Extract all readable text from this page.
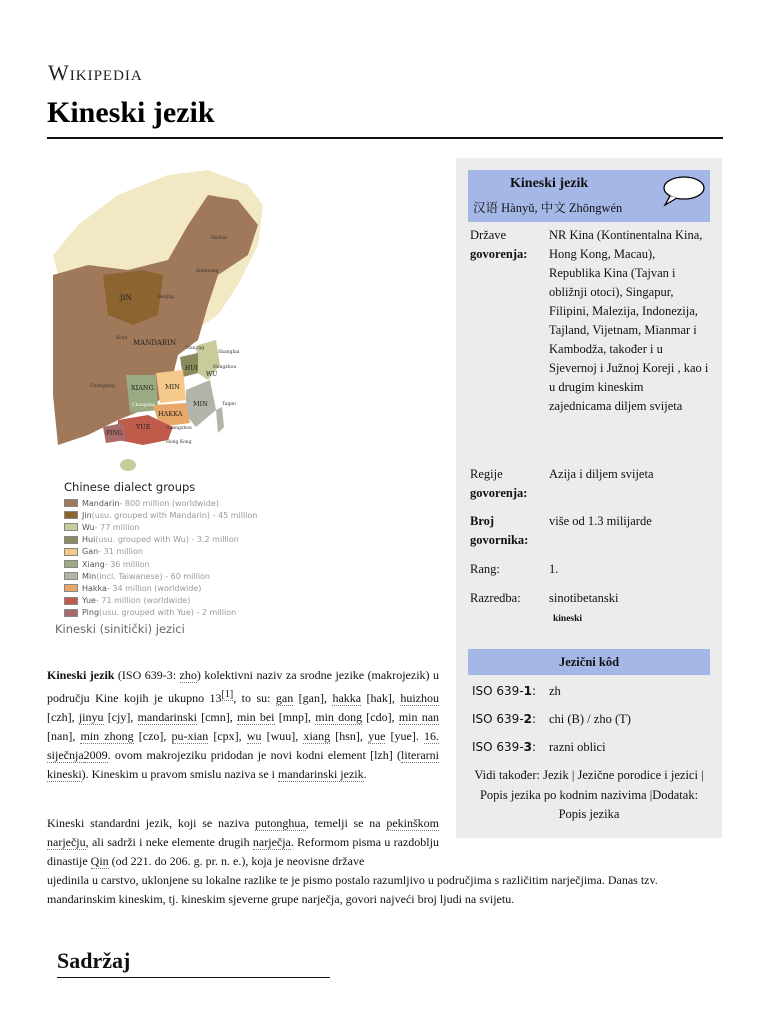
Wikipedia
Kineski jezik
JIN
WU
HUI
MIN
XIANG
MIN
HAKKA
YUE
PING
MANDARIN
Harbin
Shenyang
Beijing
Xi'an
Nanjing
Shanghai
Hangzhou
Chongqing
Changsha	Taipei
Guangzhou
Hong Kong
Chinese dialect groups
Mandarin - 800 million (worldwide)
Jin (usu. grouped with Mandarin) - 45 million
Wu - 77 million
Hui (usu. grouped with Wu) - 3.2 million
Gan - 31 million
Xiang - 36 million
Min (incl. Taiwanese) - 60 million
Hakka - 34 million (worldwide)
Yue - 71 million (worldwide)
Ping (usu. grouped with Yue) - 2 million
Kineski (sinitički) jezici
Kineski jezik (ISO 639-3: zho) kolektivni naziv za srodne jezike (makrojezik) u području Kine kojih je ukupno 13[1], to su: gan [gan], hakka [hak], huizhou [czh], jinyu [cjy], mandarinski [cmn], min bei [mnp], min dong [cdo], min nan [nan], min zhong [czo], pu-xian [cpx], wu [wuu], xiang [hsn], yue [yue]. 16. siječnja2009. ovom makrojeziku pridodan je novi kodni element [lzh] (literarni kineski). Kineskim u pravom smislu naziva se i mandarinski jezik.
Kineski standardni jezik, koji se naziva putonghua, temelji se na pekinškom narječju, ali sadrži i neke elemente drugih narječja. Reformom pisma u razdoblju dinastije Qin (od 221. do 206. g. pr. n. e.), koja je neovisne države
ujedinila u carstvo, uklonjene su lokalne razlike te je pismo postalo razumljivo u područjima s različitim narječjima. Danas tzv. mandarinskim kineskim, tj. kineskim sjeverne grupe narječja, govori najveći broj ljudi na svijetu.
Kineski jezik
汉语 Hànyǔ, 中文 Zhōngwén
Države
govorenja:
NR Kina (Kontinentalna Kina, Hong Kong, Macau), Republika Kina (Tajvan i obližnji otoci), Singapur, Filipini, Malezija, Indonezija, Tajland, Vijetnam, Mianmar i Kambodža, također i u Sjevernoj i Južnoj Koreji , kao i u drugim kineskim zajednicama diljem svijeta
Regije
govorenja:
Azija i diljem svijeta
Broj
govornika:
više od 1.3 milijarde
Rang:	1.
Razredba:	sinotibetanski
kineski
Jezični kôd
ISO 639-1: zh
ISO 639-2: chi (B) / zho (T)
ISO 639-3: razni oblici
Vidi također: Jezik | Jezične porodice i jezici | Popis jezika po kodnim nazivima |Dodatak: Popis jezika
Sadržaj
